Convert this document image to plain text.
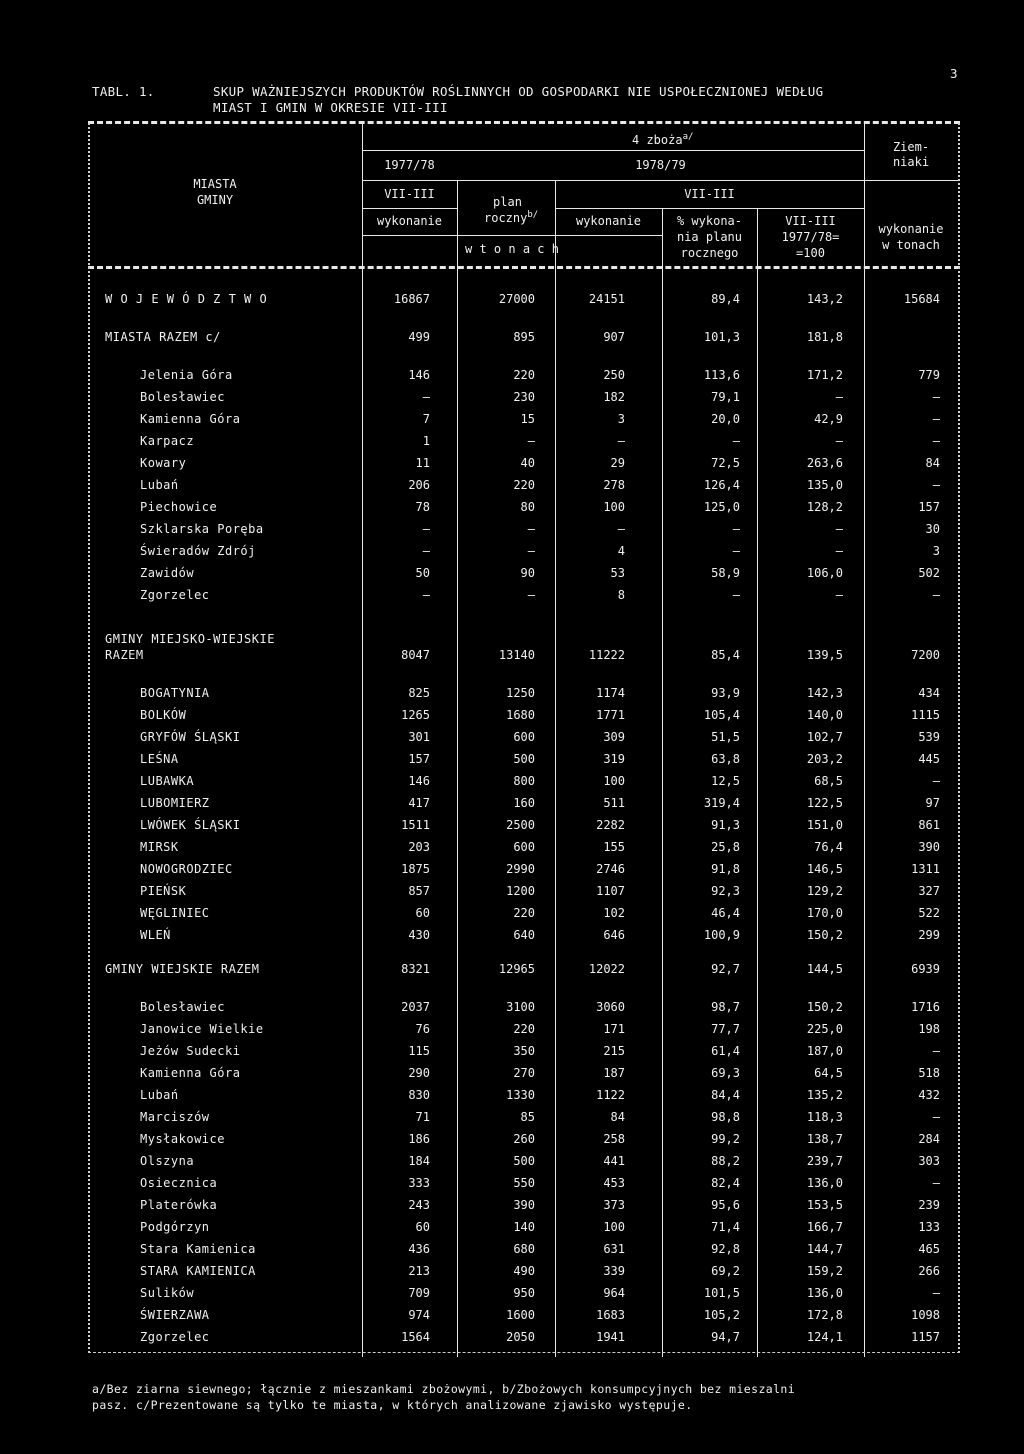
3
TABL. 1.	SKUP WAŻNIEJSZYCH PRODUKTÓW ROŚLINNYCH OD GOSPODARKI NIE USPOŁECZNIONEJ WEDŁUG
MIAST I GMIN W OKRESIE VII-III
MIASTA
GMINY
4 zboża$^{a/}$
Ziem-
niaki
1977/78	1978/79
VII-III	VII-III
plan
roczny$^{b/}$
wykonanie	wykonanie	% wykona-
nia planu
rocznego
VII-III
1977/78=
=100
wykonanie
w tonach
w t o n a c h
W O J E W Ó D Z T W O	16867	27000	24151	89,4	143,2	15684
MIASTA RAZEM c/	499	895	907	101,3	181,8
Jelenia Góra	146	220	250	113,6	171,2	779
Bolesławiec	–	230	182	79,1	–	–
Kamienna Góra	7	15	3	20,0	42,9	–
Karpacz	1	–	–	–	–	–
Kowary	11	40	29	72,5	263,6	84
Lubań	206	220	278	126,4	135,0	–
Piechowice	78	80	100	125,0	128,2	157
Szklarska Poręba	–	–	–	–	–	30
Świeradów Zdrój	–	–	4	–	–	3
Zawidów	50	90	53	58,9	106,0	502
Zgorzelec	–	–	8	–	–	–
GMINY MIEJSKO-WIEJSKIE
RAZEM	8047	13140	11222	85,4	139,5	7200
BOGATYNIA	825	1250	1174	93,9	142,3	434
BOLKÓW	1265	1680	1771	105,4	140,0	1115
GRYFÓW ŚLĄSKI	301	600	309	51,5	102,7	539
LEŚNA	157	500	319	63,8	203,2	445
LUBAWKA	146	800	100	12,5	68,5	–
LUBOMIERZ	417	160	511	319,4	122,5	97
LWÓWEK ŚLĄSKI	1511	2500	2282	91,3	151,0	861
MIRSK	203	600	155	25,8	76,4	390
NOWOGRODZIEC	1875	2990	2746	91,8	146,5	1311
PIEŃSK	857	1200	1107	92,3	129,2	327
WĘGLINIEC	60	220	102	46,4	170,0	522
WLEŃ	430	640	646	100,9	150,2	299
GMINY WIEJSKIE RAZEM	8321	12965	12022	92,7	144,5	6939
Bolesławiec	2037	3100	3060	98,7	150,2	1716
Janowice Wielkie	76	220	171	77,7	225,0	198
Jeżów Sudecki	115	350	215	61,4	187,0	–
Kamienna Góra	290	270	187	69,3	64,5	518
Lubań	830	1330	1122	84,4	135,2	432
Marciszów	71	85	84	98,8	118,3	–
Mysłakowice	186	260	258	99,2	138,7	284
Olszyna	184	500	441	88,2	239,7	303
Osiecznica	333	550	453	82,4	136,0	–
Platerówka	243	390	373	95,6	153,5	239
Podgórzyn	60	140	100	71,4	166,7	133
Stara Kamienica	436	680	631	92,8	144,7	465
STARA KAMIENICA	213	490	339	69,2	159,2	266
Sulików	709	950	964	101,5	136,0	–
ŚWIERZAWA	974	1600	1683	105,2	172,8	1098
Zgorzelec	1564	2050	1941	94,7	124,1	1157
a/Bez ziarna siewnego; łącznie z mieszankami zbożowymi, b/Zbożowych konsumpcyjnych bez mieszalni
pasz. c/Prezentowane są tylko te miasta, w których analizowane zjawisko występuje.
